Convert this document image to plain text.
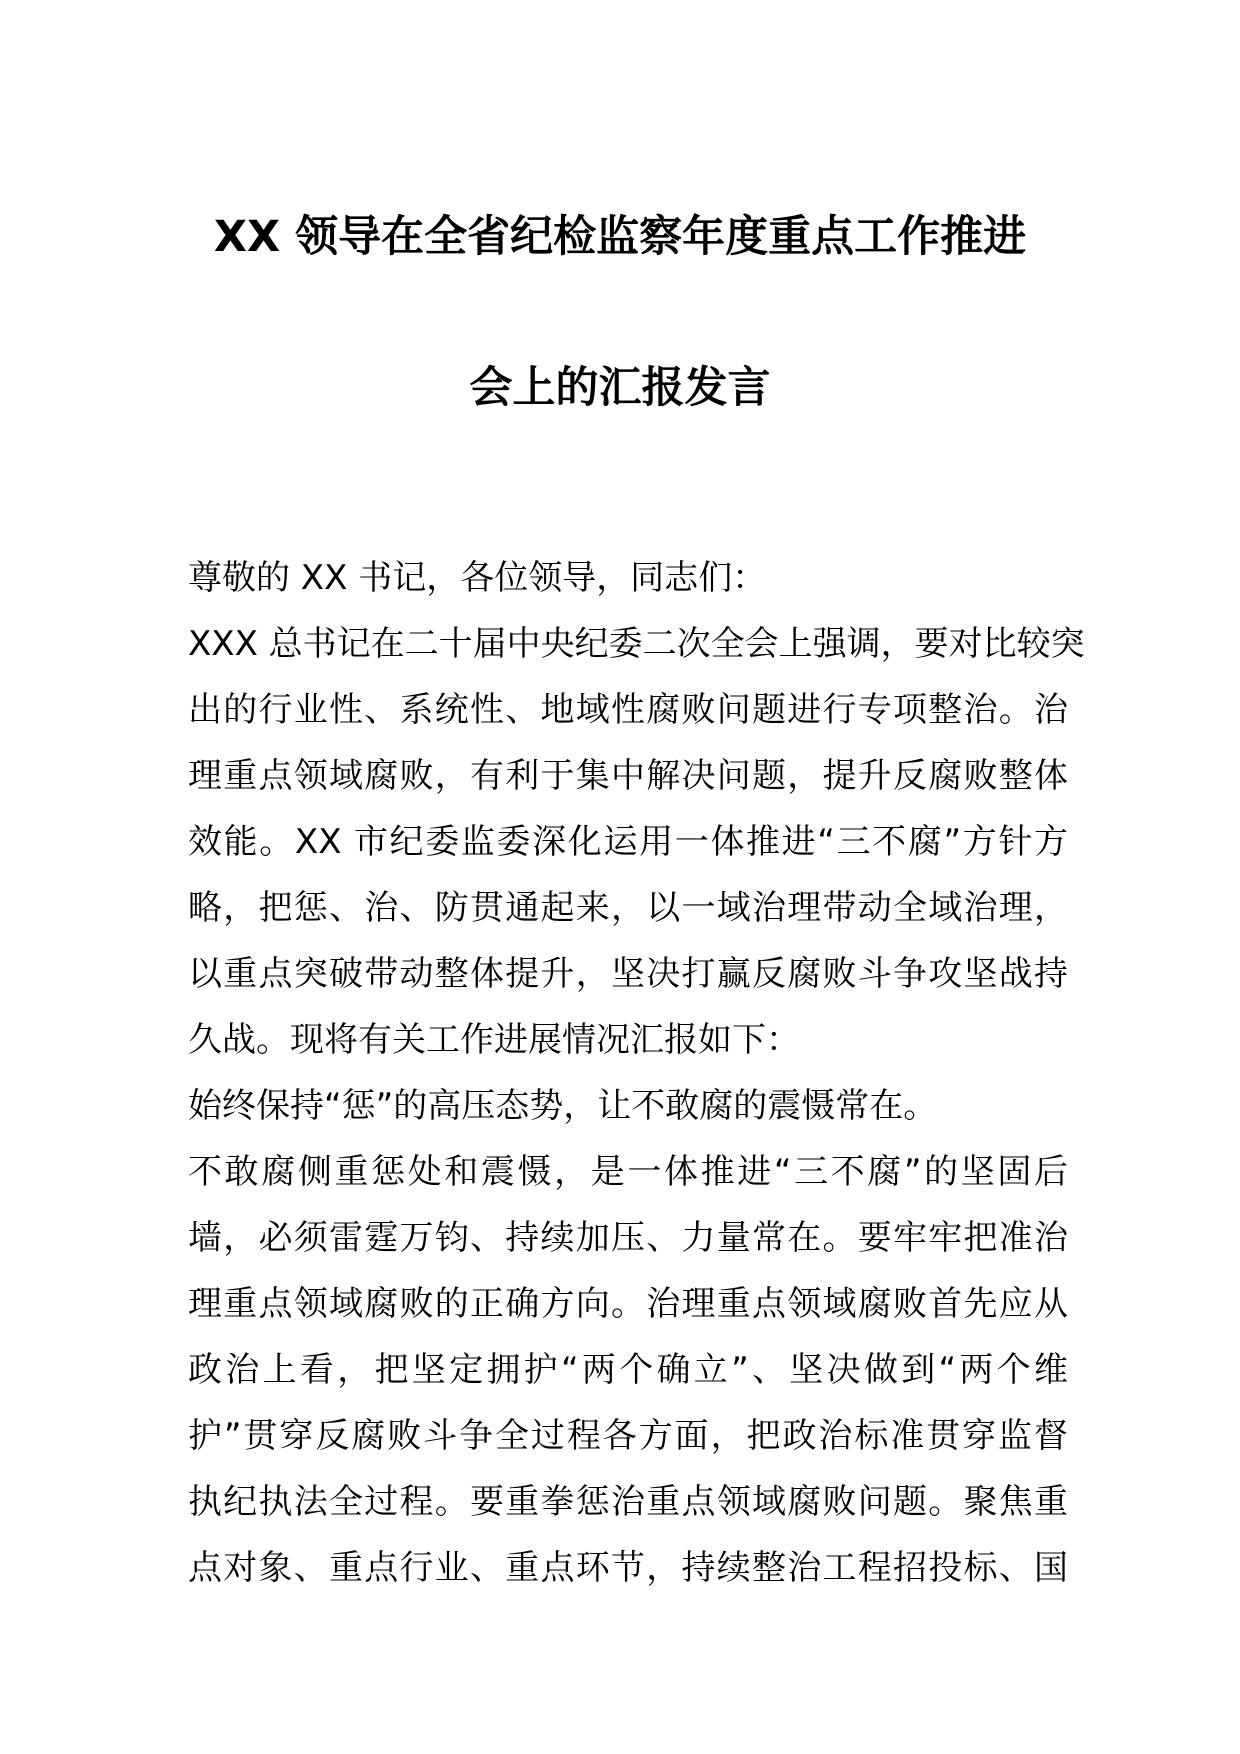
XX 领导在全省纪检监察年度重点工作推进
会上的汇报发言
尊敬的 XX 书记，各位领导，同志们：
XXX 总书记在二十届中央纪委二次全会上强调，要对比较突
出的行业性、系统性、地域性腐败问题进行专项整治。治
理重点领域腐败，有利于集中解决问题，提升反腐败整体
效能。XX 市纪委监委深化运用一体推进“三不腐”方针方
略，把惩、治、防贯通起来，以一域治理带动全域治理，
以重点突破带动整体提升，坚决打赢反腐败斗争攻坚战持
久战。现将有关工作进展情况汇报如下：
始终保持“惩”的高压态势，让不敢腐的震慑常在。
不敢腐侧重惩处和震慑，是一体推进“三不腐”的坚固后
墙，必须雷霆万钧、持续加压、力量常在。要牢牢把准治
理重点领域腐败的正确方向。治理重点领域腐败首先应从
政治上看，把坚定拥护“两个确立”、坚决做到“两个维
护”贯穿反腐败斗争全过程各方面，把政治标准贯穿监督
执纪执法全过程。要重拳惩治重点领域腐败问题。聚焦重
点对象、重点行业、重点环节，持续整治工程招投标、国
